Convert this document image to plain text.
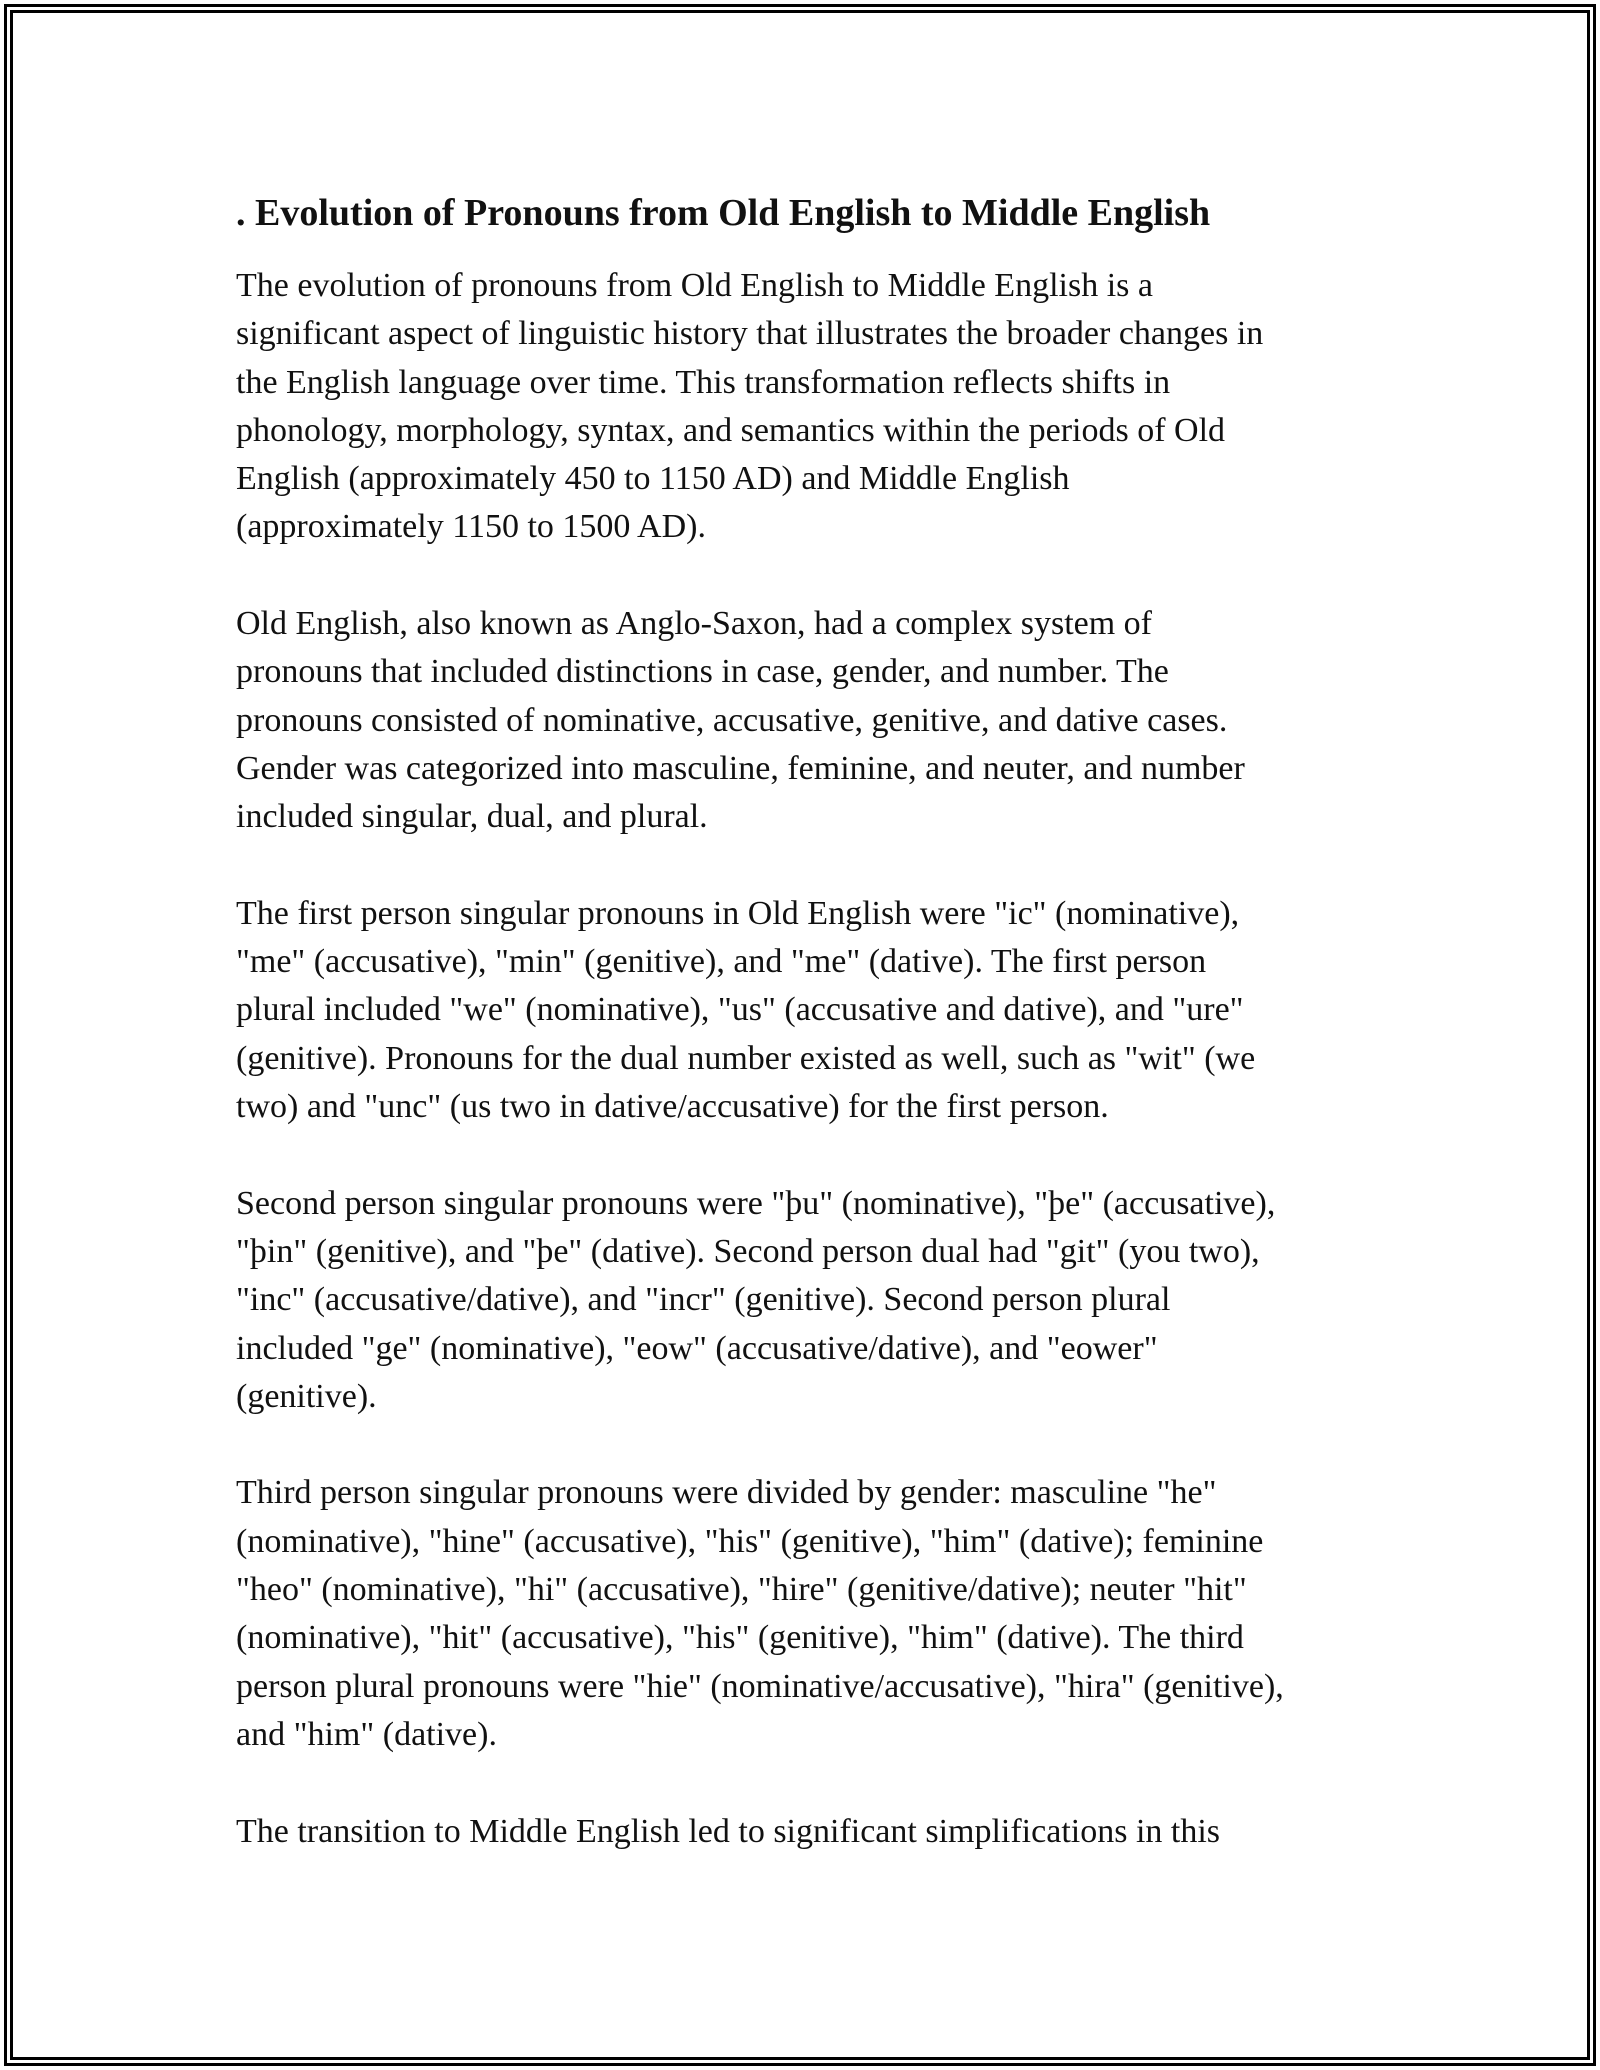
. Evolution of Pronouns from Old English to Middle English

The evolution of pronouns from Old English to Middle English is a
significant aspect of linguistic history that illustrates the broader changes in
the English language over time. This transformation reflects shifts in
phonology, morphology, syntax, and semantics within the periods of Old
English (approximately 450 to 1150 AD) and Middle English
(approximately 1150 to 1500 AD).

Old English, also known as Anglo-Saxon, had a complex system of
pronouns that included distinctions in case, gender, and number. The
pronouns consisted of nominative, accusative, genitive, and dative cases.
Gender was categorized into masculine, feminine, and neuter, and number
included singular, dual, and plural.

The first person singular pronouns in Old English were "ic" (nominative),
"me" (accusative), "min" (genitive), and "me" (dative). The first person
plural included "we" (nominative), "us" (accusative and dative), and "ure"
(genitive). Pronouns for the dual number existed as well, such as "wit" (we
two) and "unc" (us two in dative/accusative) for the first person.

Second person singular pronouns were "þu" (nominative), "þe" (accusative),
"þin" (genitive), and "þe" (dative). Second person dual had "git" (you two),
"inc" (accusative/dative), and "incr" (genitive). Second person plural
included "ge" (nominative), "eow" (accusative/dative), and "eower"
(genitive).

Third person singular pronouns were divided by gender: masculine "he"
(nominative), "hine" (accusative), "his" (genitive), "him" (dative); feminine
"heo" (nominative), "hi" (accusative), "hire" (genitive/dative); neuter "hit"
(nominative), "hit" (accusative), "his" (genitive), "him" (dative). The third
person plural pronouns were "hie" (nominative/accusative), "hira" (genitive),
and "him" (dative).

The transition to Middle English led to significant simplifications in this
